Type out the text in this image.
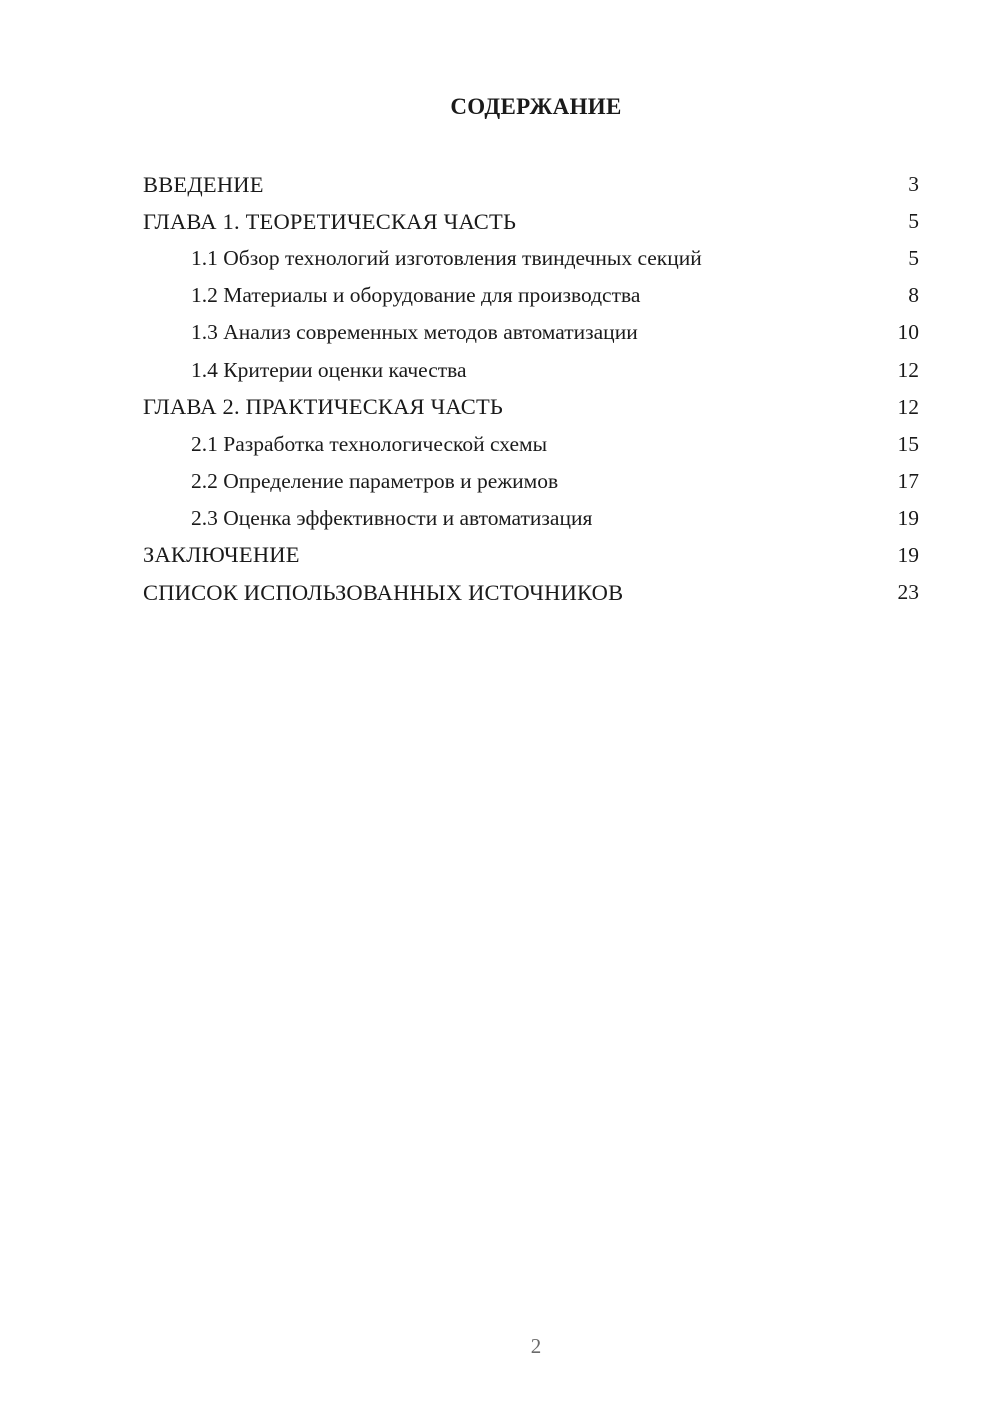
СОДЕРЖАНИЕ
ВВЕДЕНИЕ	3
ГЛАВА 1. ТЕОРЕТИЧЕСКАЯ ЧАСТЬ	5
1.1 Обзор технологий изготовления твиндечных секций	5
1.2 Материалы и оборудование для производства	8
1.3 Анализ современных методов автоматизации	10
1.4 Критерии оценки качества	12
ГЛАВА 2. ПРАКТИЧЕСКАЯ ЧАСТЬ	12
2.1 Разработка технологической схемы	15
2.2 Определение параметров и режимов	17
2.3 Оценка эффективности и автоматизация	19
ЗАКЛЮЧЕНИЕ	19
СПИСОК ИСПОЛЬЗОВАННЫХ ИСТОЧНИКОВ	23

2
